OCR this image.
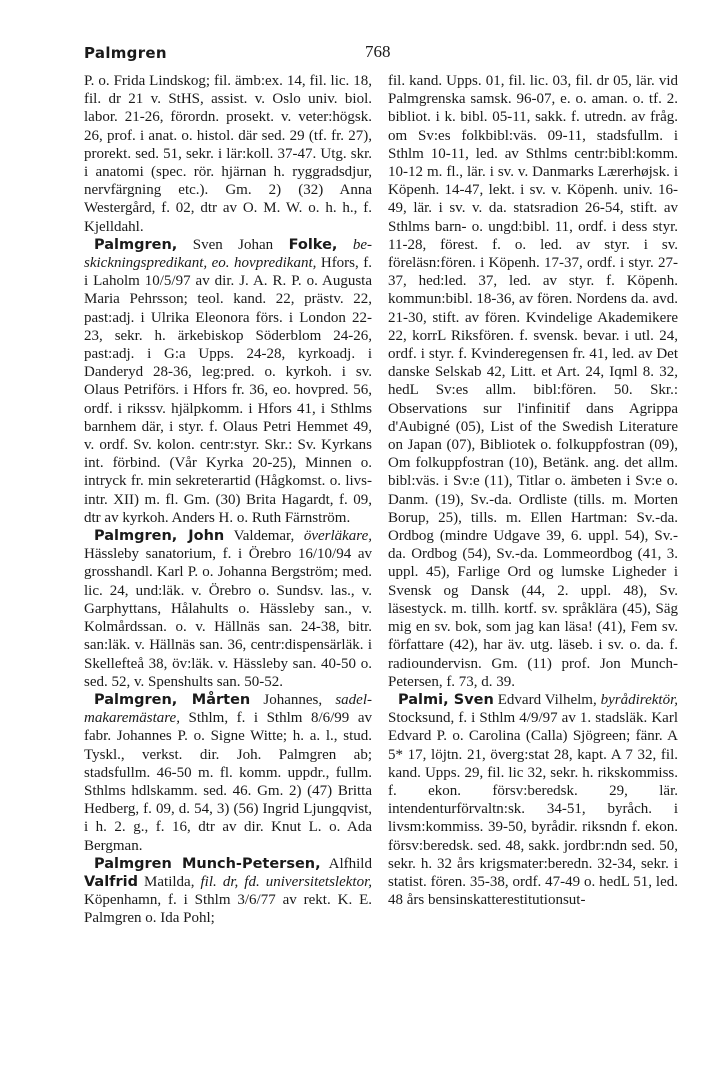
Palmgren	768

P. o. Frida Lindskog; fil. ämb:ex. 14, fil. lic. 18, fil. dr 21 v. StHS, assist. v. Oslo univ. biol. labor. 21-26, förordn. prosekt. v. veter:högsk. 26, prof. i anat. o. histol. där sed. 29 (tf. fr. 27), prorekt. sed. 51, sekr. i lär:koll. 37-47. Utg. skr. i anatomi (spec. rör. hjärnan h. ryggradsdjur, nervfärgning etc.). Gm. 2) (32) Anna Westergård, f. 02, dtr av O. M. W. o. h. h., f. Kjelldahl.

Palmgren, Sven Johan Folke, beskickningspredikant, eo. hovpredikant, Hfors, f. i Laholm 10/5/97 av dir. J. A. R. P. o. Augusta Maria Pehrsson; teol. kand. 22, prästv. 22, past:adj. i Ulrika Eleonora förs. i London 22-23, sekr. h. ärkebiskop Söderblom 24-26, past:adj. i G:a Upps. 24-28, kyrkoadj. i Danderyd 28-36, leg:pred. o. kyrkoh. i sv. Olaus Petriförs. i Hfors fr. 36, eo. hovpred. 56, ordf. i rikssv. hjälpkomm. i Hfors 41, i Sthlms barnhem där, i styr. f. Olaus Petri Hemmet 49, v. ordf. Sv. kolon. centr:styr. Skr.: Sv. Kyrkans int. förbind. (Vår Kyrka 20-25), Minnen o. intryck fr. min sekreterartid (Hågkomst. o. livsintr. XII) m. fl. Gm. (30) Brita Hagardt, f. 09, dtr av kyrkoh. Anders H. o. Ruth Färnström.

Palmgren, John Valdemar, överläkare, Hässleby sanatorium, f. i Örebro 16/10/94 av grosshandl. Karl P. o. Johanna Bergström; med. lic. 24, und:läk. v. Örebro o. Sundsv. las., v. Garphyttans, Hålahults o. Hässleby san., v. Kolmårdssan. o. v. Hällnäs san. 24-38, bitr. san:läk. v. Hällnäs san. 36, centr:dispensärläk. i Skellefteå 38, öv:läk. v. Hässleby san. 40-50 o. sed. 52, v. Spenshults san. 50-52.

Palmgren, Mårten Johannes, sadelmakaremästare, Sthlm, f. i Sthlm 8/6/99 av fabr. Johannes P. o. Signe Witte; h. a. l., stud. Tyskl., verkst. dir. Joh. Palmgren ab; stadsfullm. 46-50 m. fl. komm. uppdr., fullm. Sthlms hdlskamm. sed. 46. Gm. 2) (47) Britta Hedberg, f. 09, d. 54, 3) (56) Ingrid Ljungqvist, i h. 2. g., f. 16, dtr av dir. Knut L. o. Ada Bergman.

Palmgren Munch-Petersen, Alfhild Valfrid Matilda, fil. dr, fd. universitetslektor, Köpenhamn, f. i Sthlm 3/6/77 av rekt. K. E. Palmgren o. Ida Pohl;

fil. kand. Upps. 01, fil. lic. 03, fil. dr 05, lär. vid Palmgrenska samsk. 96-07, e. o. aman. o. tf. 2. bibliot. i k. bibl. 05-11, sakk. f. utredn. av fråg. om Sv:es folkbibl:väs. 09-11, stadsfullm. i Sthlm 10-11, led. av Sthlms centr:bibl:komm. 10-12 m. fl., lär. i sv. v. Danmarks Lærerhøjsk. i Köpenh. 14-47, lekt. i sv. v. Köpenh. univ. 16-49, lär. i sv. v. da. statsradion 26-54, stift. av Sthlms barn- o. ungd:bibl. 11, ordf. i dess styr. 11-28, förest. f. o. led. av styr. i sv. föreläsn:fören. i Köpenh. 17-37, ordf. i styr. 27-37, hed:led. 37, led. av styr. f. Köpenh. kommun:bibl. 18-36, av fören. Nordens da. avd. 21-30, stift. av fören. Kvindelige Akademikere 22, korrL Riksfören. f. svensk. bevar. i utl. 24, ordf. i styr. f. Kvinderegensen fr. 41, led. av Det danske Selskab 42, Litt. et Art. 24, Iqml 8. 32, hedL Sv:es allm. bibl:fören. 50. Skr.: Observations sur l'infinitif dans Agrippa d'Aubigné (05), List of the Swedish Literature on Japan (07), Bibliotek o. folkuppfostran (09), Om folkuppfostran (10), Betänk. ang. det allm. bibl:väs. i Sv:e (11), Titlar o. ämbeten i Sv:e o. Danm. (19), Sv.-da. Ordliste (tills. m. Morten Borup, 25), tills. m. Ellen Hartman: Sv.-da. Ordbog (mindre Udgave 39, 6. uppl. 54), Sv.-da. Ordbog (54), Sv.-da. Lommeordbog (41, 3. uppl. 45), Farlige Ord og lumske Ligheder i Svensk og Dansk (44, 2. uppl. 48), Sv. läsestyck. m. tillh. kortf. sv. språklära (45), Säg mig en sv. bok, som jag kan läsa! (41), Fem sv. författare (42), har äv. utg. läseb. i sv. o. da. f. radioundervisn. Gm. (11) prof. Jon Munch-Petersen, f. 73, d. 39.

Palmi, Sven Edvard Vilhelm, byrådirektör, Stocksund, f. i Sthlm 4/9/97 av 1. stadsläk. Karl Edvard P. o. Carolina (Calla) Sjögreen; fänr. A 5* 17, löjtn. 21, överg:stat 28, kapt. A 7 32, fil. kand. Upps. 29, fil. lic 32, sekr. h. rikskommiss. f. ekon. försv:beredsk. 29, lär. intendenturförvaltn:sk. 34-51, byråch. i livsm:kommiss. 39-50, byrådir. riksndn f. ekon. försv:beredsk. sed. 48, sakk. jordbr:ndn sed. 50, sekr. h. 32 års krigsmater:beredn. 32-34, sekr. i statist. fören. 35-38, ordf. 47-49 o. hedL 51, led. 48 års bensinskatterestitutionsut-
